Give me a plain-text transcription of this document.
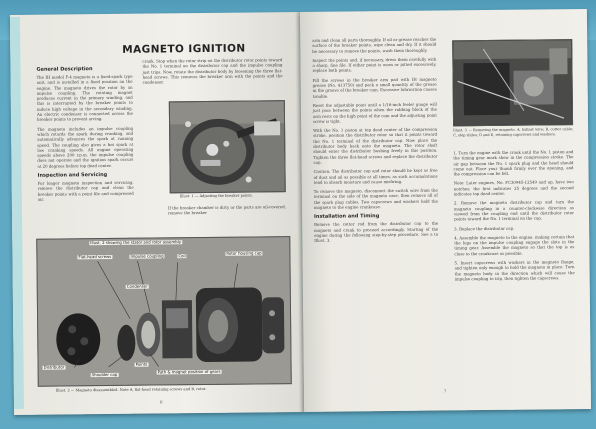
MAGNETO IGNITION

General Description

The IH model F-4 magneto is a fixed-spark type unit, and is installed in a fixed position on the engine. The magneto drives the rotor by an impulse coupling. The rotating magnet produces current in the primary winding, and this is interrupted by the breaker points to induce high voltage in the secondary winding. An electric condenser is connected across the breaker points to prevent arcing.

The magneto includes an impulse coupling which retards the spark during cranking, and automatically advances the spark at running speed. The coupling also gives a hot spark at low cranking speeds. All engine operating speeds above 200 r.p.m. the impulse coupling does not operate and the ignition spark occurs at 20 degrees before top dead center.

Inspection and Servicing

For longer magneto inspection and servicing, remove the distributor cap and clean the breaker points with a point file and compressed air.

crank. Stop when the rotor strip on the distributor rotor points toward the No. 1 terminal on the distributor cap and the impulse coupling just trips. Now, rotate the distributor body by loosening the three flat-head screws. This removes the breaker arm with the points and the condenser.

Illust. 1 — Adjusting the breaker points.

If the breaker chamber is dirty or the parts are oil-covered, remove the breaker

Illust. 2 showing the stator and rotor assembly
Flat-head screws	Impulse coupling	Coil	Rotor housing cap
Condenser
Distributor
Shoulder cap
Points
Path & magnet position of gears
Illust. 2 — Magneto disassembled. Note A, flat-head retaining screws and B, rotor.
6

arm and clean all parts thoroughly. If oil or grease reaches the surface of the breaker points, wipe clean and dry. If it should be necessary to remove the points, wash them thoroughly.

Inspect the points and, if necessary, dress them carefully with a sharp, fine file. If either point is worn or pitted excessively, replace both points.

Fill the screws in the breaker arm pad with IH magneto grease (No. 413750) and pack a small quantity of the grease in the groove of the breaker cam. Excessive lubrication causes trouble.

Reset the adjustable point until a 1/16-inch feeler gauge will just pass between the points when the rubbing block of the arm rests on the high point of the cam and the adjusting point screw is tight.

With the No. 1 piston at top dead center of the compression stroke, position the distributor rotor so that it points toward the No. 1 terminal of the distributor cap. Now place the distributor body back onto the magneto. The rotor shaft should enter the distributor bushing freely in this position. Tighten the three flat-head screws and replace the distributor cap.

Caution: The distributor cap and rotor should be kept as free of dust and oil as possible at all times, as such accumulations tend to absorb moisture and cause misfiring.

To remove the magneto, disconnect the switch wire from the terminal on the side of the magneto case, then remove all of the spark plug cables. Two capscrews and washers hold the magneto to the engine crankcase.

Installation and Timing

Remove the cotter rod from the distributor cap to the magneto and crank to proceed accordingly. Starting of the engine during the following step-by-step procedure. See a to Illust. 3.

Illust. 3 — Removing the magneto. A, ballast wire; B, cotter cable; C, stop slides; D and E, retaining capscrews and washers.

1. Turn the engine with the crank until the No. 1 piston and the timing gear mark show in the compression stroke. The air gap between the No. 1 spark plug and the head should come out. Place your thumb firmly over the opening, and the compression can be felt.

Note: Later engines, No. FC30945-12549 and up, have two notches; the first indicates 25 degrees and the second indicates top dead center.

2. Remove the magneto distributor cap and turn the magneto coupling in a counter-clockwise direction as viewed from the coupling end until the distributor rotor points toward the No. 1 terminal on the cap.

3. Replace the distributor cap.

4. Assemble the magneto to the engine, making certain that the lugs on the impulse coupling engage the slots in the timing gear. Assemble the magneto so that the top is as close to the crankcase as possible.

5. Insert capscrews with washers in the magneto flange, and tighten only enough to hold the magneto in place. Turn the magneto body in the direction which will cause the impulse coupling to trip, then tighten the capscrews.

7
